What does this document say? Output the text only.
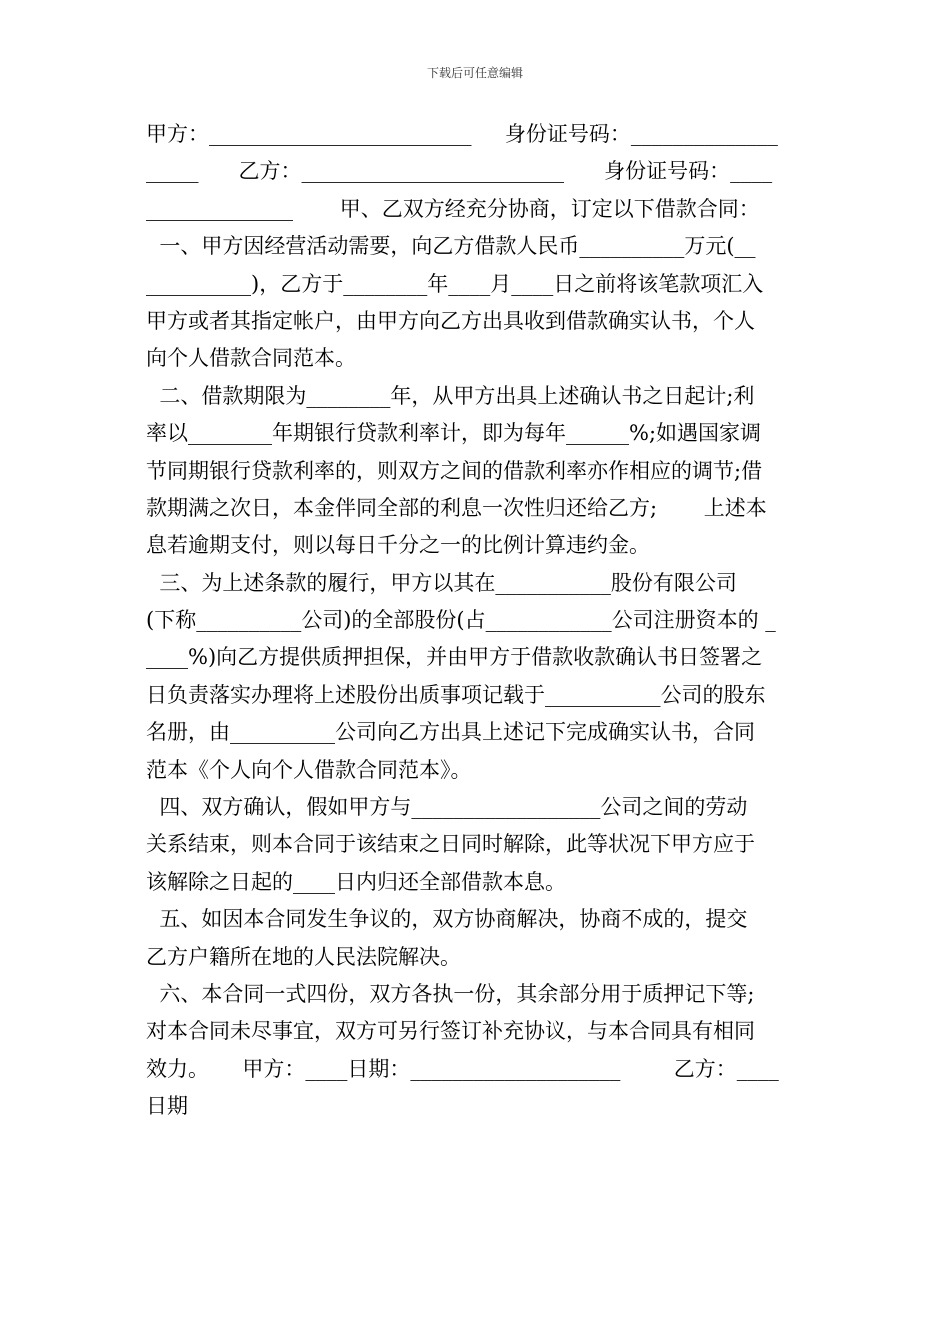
下载后可任意编辑
甲方：_________________________     身份证号码：______________
_____      乙方：_________________________      身份证号码：____
______________       甲、乙双方经充分协商，订定以下借款合同：
一、甲方因经营活动需要，向乙方借款人民币__________万元(__
__________)，乙方于________年____月____日之前将该笔款项汇入
甲方或者其指定帐户，由甲方向乙方出具收到借款确实认书，个人
向个人借款合同范本。
二、借款期限为________年，从甲方出具上述确认书之日起计;利
率以________年期银行贷款利率计，即为每年______%;如遇国家调
节同期银行贷款利率的，则双方之间的借款利率亦作相应的调节;借
款期满之次日，本金伴同全部的利息一次性归还给乙方;       上述本
息若逾期支付，则以每日千分之一的比例计算违约金。
三、为上述条款的履行，甲方以其在___________股份有限公司
(下称__________公司)的全部股份(占____________公司注册资本的 _
____%)向乙方提供质押担保，并由甲方于借款收款确认书日签署之
日负责落实办理将上述股份出质事项记载于___________公司的股东
名册，由__________公司向乙方出具上述记下完成确实认书，合同
范本《个人向个人借款合同范本》。
四、双方确认，假如甲方与__________________公司之间的劳动
关系结束，则本合同于该结束之日同时解除，此等状况下甲方应于
该解除之日起的____日内归还全部借款本息。
五、如因本合同发生争议的，双方协商解决，协商不成的，提交
乙方户籍所在地的人民法院解决。
六、本合同一式四份，双方各执一份，其余部分用于质押记下等;
对本合同未尽事宜，双方可另行签订补充协议，与本合同具有相同
效力。     甲方：____日期：____________________        乙方：____
日期
